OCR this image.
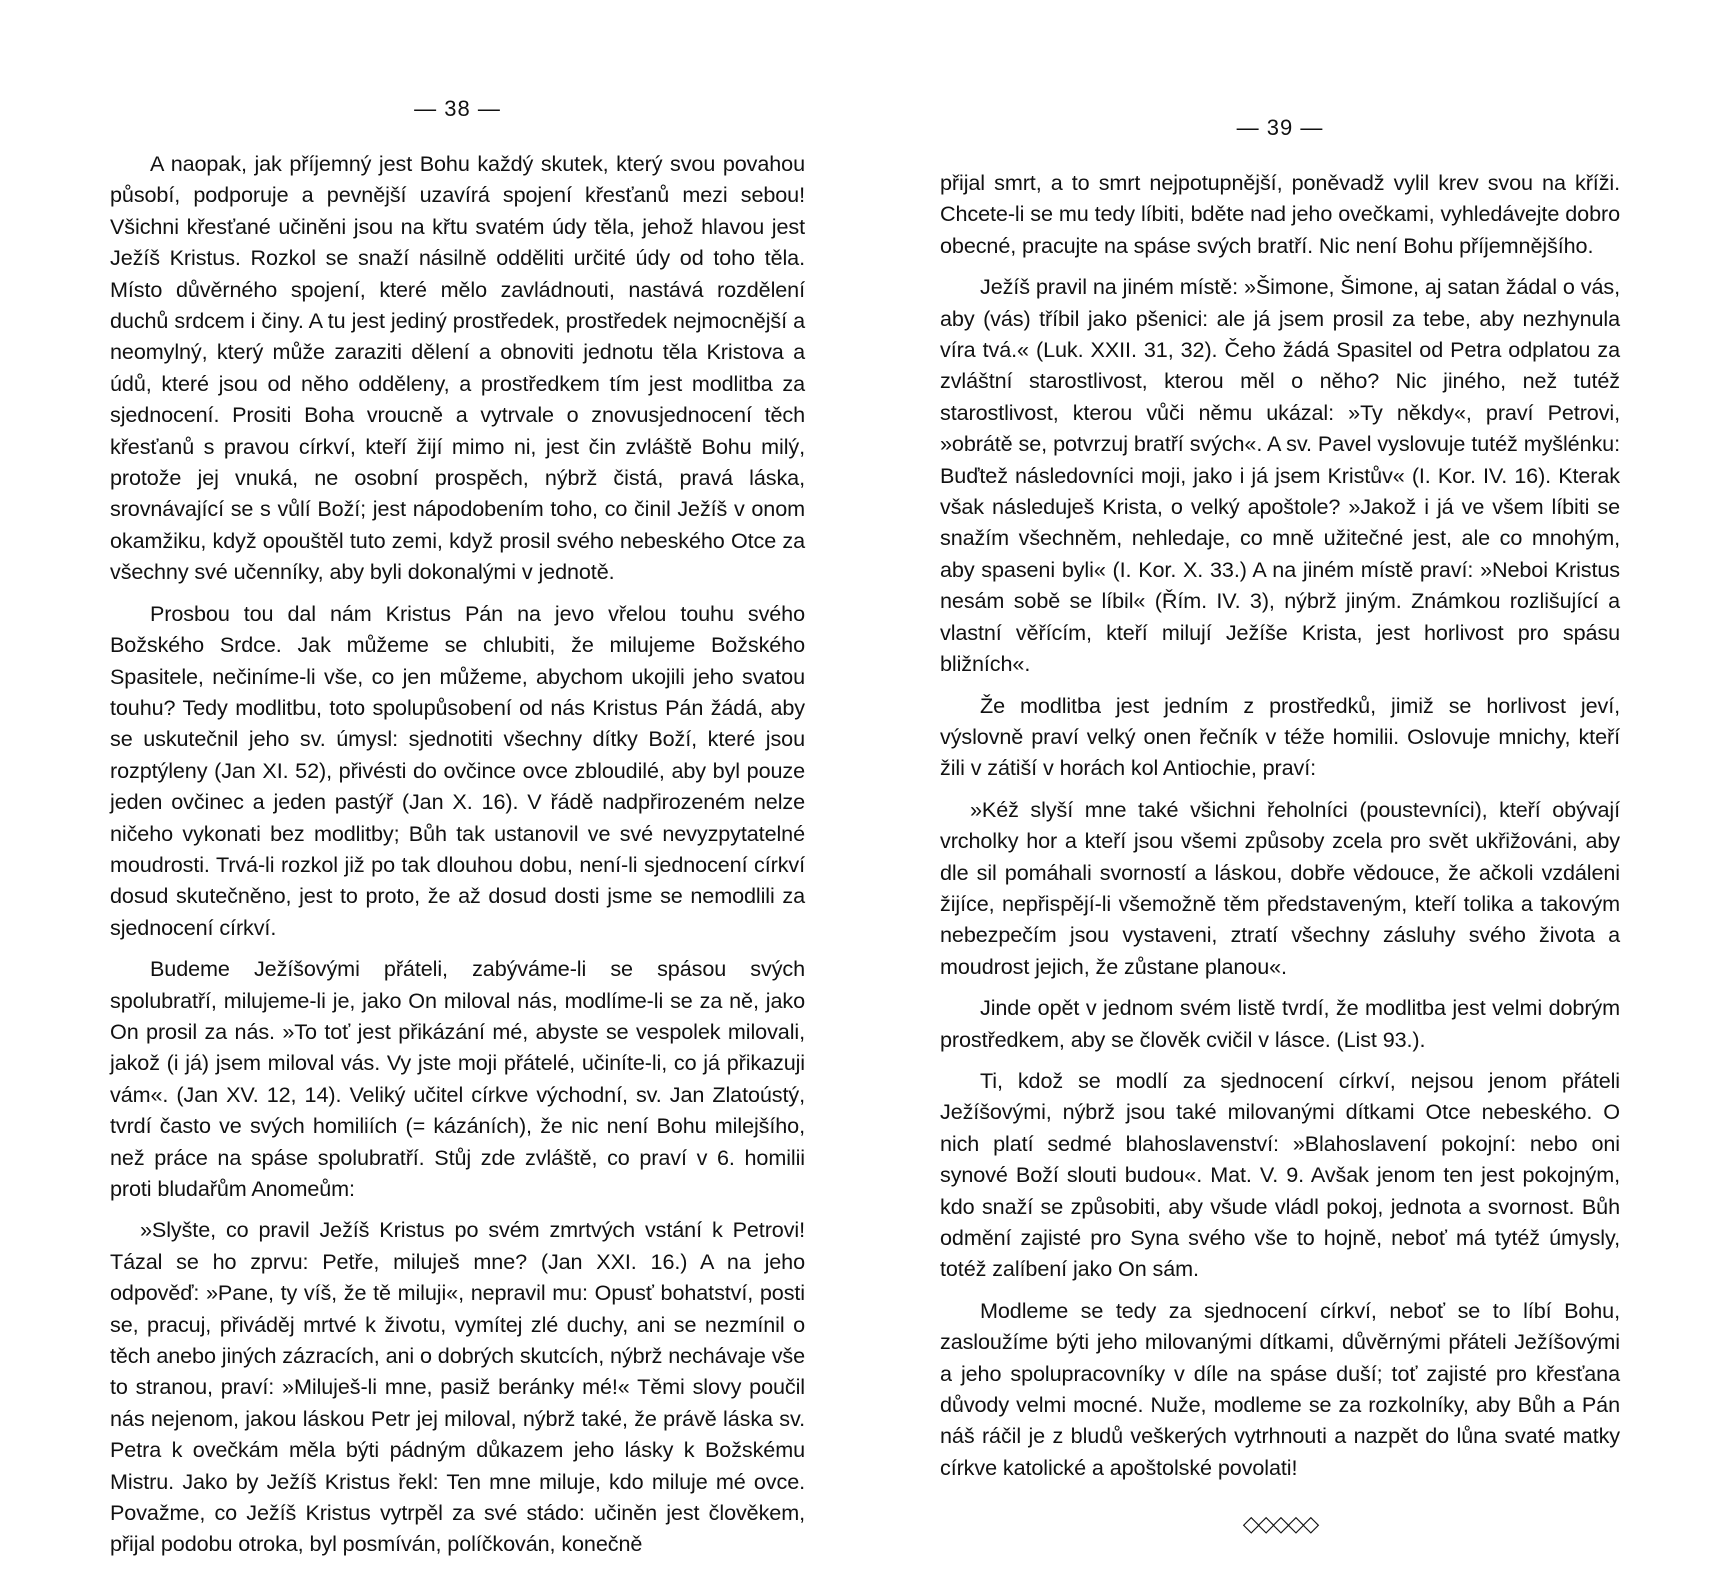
— 38 —

A naopak, jak příjemný jest Bohu každý skutek, který svou povahou působí, podporuje a pevnější uzavírá spojení křesťanů mezi sebou! Všichni křesťané učiněni jsou na křtu svatém údy těla, jehož hlavou jest Ježíš Kristus. Rozkol se snaží násilně odděliti určité údy od toho těla. Místo důvěrného spojení, které mělo zavládnouti, nastává rozdělení duchů srdcem i činy. A tu jest jediný prostředek, prostředek nejmocnější a neomylný, který může zaraziti dělení a obnoviti jednotu těla Kristova a údů, které jsou od něho odděleny, a prostředkem tím jest modlitba za sjednocení. Prositi Boha vroucně a vytrvale o znovusjednocení těch křesťanů s pravou církví, kteří žijí mimo ni, jest čin zvláště Bohu milý, protože jej vnuká, ne osobní prospěch, nýbrž čistá, pravá láska, srovnávající se s vůlí Boží; jest nápodobením toho, co činil Ježíš v onom okamžiku, když opouštěl tuto zemi, když prosil svého nebeského Otce za všechny své učenníky, aby byli dokonalými v jednotě.

Prosbou tou dal nám Kristus Pán na jevo vřelou touhu svého Božského Srdce. Jak můžeme se chlubiti, že milujeme Božského Spasitele, nečiníme-li vše, co jen můžeme, abychom ukojili jeho svatou touhu? Tedy modlitbu, toto spolupůsobení od nás Kristus Pán žádá, aby se uskutečnil jeho sv. úmysl: sjednotiti všechny dítky Boží, které jsou rozptýleny (Jan XI. 52), přivésti do ovčince ovce zbloudilé, aby byl pouze jeden ovčinec a jeden pastýř (Jan X. 16). V řádě nadpřirozeném nelze ničeho vykonati bez modlitby; Bůh tak ustanovil ve své nevyzpytatelné moudrosti. Trvá-li rozkol již po tak dlouhou dobu, není-li sjednocení církví dosud skutečněno, jest to proto, že až dosud dosti jsme se nemodlili za sjednocení církví.

Budeme Ježíšovými přáteli, zabýváme-li se spásou svých spolubratří, milujeme-li je, jako On miloval nás, modlíme-li se za ně, jako On prosil za nás. »To toť jest přikázání mé, abyste se vespolek milovali, jakož (i já) jsem miloval vás. Vy jste moji přátelé, učiníte-li, co já přikazuji vám«. (Jan XV. 12, 14). Veliký učitel církve východní, sv. Jan Zlatoústý, tvrdí často ve svých homiliích (= kázáních), že nic není Bohu milejšího, než práce na spáse spolubratří. Stůj zde zvláště, co praví v 6. homilii proti bludařům Anomeům:

»Slyšte, co pravil Ježíš Kristus po svém zmrtvých vstání k Petrovi! Tázal se ho zprvu: Petře, miluješ mne? (Jan XXI. 16.) A na jeho odpověď: »Pane, ty víš, že tě miluji«, nepravil mu: Opusť bohatství, posti se, pracuj, přiváděj mrtvé k životu, vymítej zlé duchy, ani se nezmínil o těch anebo jiných zázracích, ani o dobrých skutcích, nýbrž nechávaje vše to stranou, praví: »Miluješ-li mne, pasiž beránky mé!« Těmi slovy poučil nás nejenom, jakou láskou Petr jej miloval, nýbrž také, že právě láska sv. Petra k ovečkám měla býti pádným důkazem jeho lásky k Božskému Mistru. Jako by Ježíš Kristus řekl: Ten mne miluje, kdo miluje mé ovce. Považme, co Ježíš Kristus vytrpěl za své stádo: učiněn jest člověkem, přijal podobu otroka, byl posmíván, políčkován, konečně

— 39 —

přijal smrt, a to smrt nejpotupnější, poněvadž vylil krev svou na kříži. Chcete-li se mu tedy líbiti, bděte nad jeho ovečkami, vyhledávejte dobro obecné, pracujte na spáse svých bratří. Nic není Bohu příjemnějšího.

Ježíš pravil na jiném místě: »Šimone, Šimone, aj satan žádal o vás, aby (vás) tříbil jako pšenici: ale já jsem prosil za tebe, aby nezhynula víra tvá.« (Luk. XXII. 31, 32). Čeho žádá Spasitel od Petra odplatou za zvláštní starostlivost, kterou měl o něho? Nic jiného, než tutéž starostlivost, kterou vůči němu ukázal: »Ty někdy«, praví Petrovi, »obrátě se, potvrzuj bratří svých«. A sv. Pavel vyslovuje tutéž myšlénku: Buďtež následovníci moji, jako i já jsem Kristův« (I. Kor. IV. 16). Kterak však následuješ Krista, o velký apoštole? »Jakož i já ve všem líbiti se snažím všechněm, nehledaje, co mně užitečné jest, ale co mnohým, aby spaseni byli« (I. Kor. X. 33.) A na jiném místě praví: »Neboi Kristus nesám sobě se líbil« (Řím. IV. 3), nýbrž jiným. Známkou rozlišující a vlastní věřícím, kteří milují Ježíše Krista, jest horlivost pro spásu bližních«.

Že modlitba jest jedním z prostředků, jimiž se horlivost jeví, výslovně praví velký onen řečník v téže homilii. Oslovuje mnichy, kteří žili v zátiší v horách kol Antiochie, praví:

»Kéž slyší mne také všichni řeholníci (poustevníci), kteří obývají vrcholky hor a kteří jsou všemi způsoby zcela pro svět ukřižováni, aby dle sil pomáhali svorností a láskou, dobře vědouce, že ačkoli vzdáleni žijíce, nepřispějí-li všemožně těm představeným, kteří tolika a takovým nebezpečím jsou vystaveni, ztratí všechny zásluhy svého života a moudrost jejich, že zůstane planou«.

Jinde opět v jednom svém listě tvrdí, že modlitba jest velmi dobrým prostředkem, aby se člověk cvičil v lásce. (List 93.).

Ti, kdož se modlí za sjednocení církví, nejsou jenom přáteli Ježíšovými, nýbrž jsou také milovanými dítkami Otce nebeského. O nich platí sedmé blahoslavenství: »Blahoslavení pokojní: nebo oni synové Boží slouti budou«. Mat. V. 9. Avšak jenom ten jest pokojným, kdo snaží se způsobiti, aby všude vládl pokoj, jednota a svornost. Bůh odmění zajisté pro Syna svého vše to hojně, neboť má tytéž úmysly, totéž zalíbení jako On sám.

Modleme se tedy za sjednocení církví, neboť se to líbí Bohu, zasloužíme býti jeho milovanými dítkami, důvěrnými přáteli Ježíšovými a jeho spolupracovníky v díle na spáse duší; toť zajisté pro křesťana důvody velmi mocné. Nuže, modleme se za rozkolníky, aby Bůh a Pán náš ráčil je z bludů veškerých vytrhnouti a nazpět do lůna svaté matky církve katolické a apoštolské povolati!

◇◇◇◇◇
